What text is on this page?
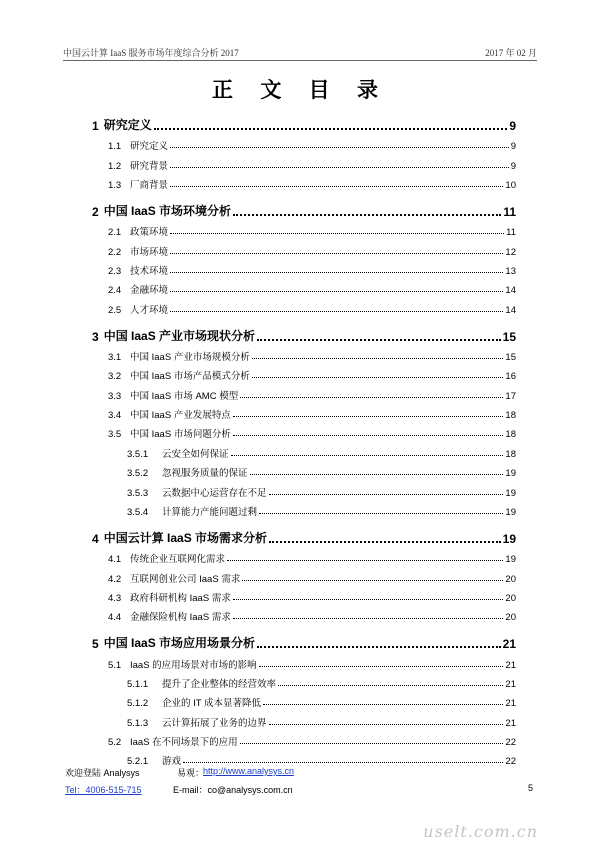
中国云计算 IaaS 服务市场年度综合分析 2017	2017 年 02 月
正 文 目 录
1 研究定义	9
1.1 研究定义	9
1.2 研究背景	9
1.3 厂商背景	10
2 中国 IaaS 市场环境分析	11
2.1 政策环境	11
2.2 市场环境	12
2.3 技术环境	13
2.4 金融环境	14
2.5 人才环境	14
3 中国 IaaS 产业市场现状分析	15
3.1 中国 IaaS 产业市场规模分析	15
3.2 中国 IaaS 市场产品模式分析	16
3.3 中国 IaaS 市场 AMC 模型	17
3.4 中国 IaaS 产业发展特点	18
3.5 中国 IaaS 市场问题分析	18
3.5.1	云安全如何保证	18
3.5.2	忽视服务质量的保证	19
3.5.3	云数据中心运营存在不足	19
3.5.4	计算能力产能问题过剩	19
4 中国云计算 IaaS 市场需求分析	19
4.1 传统企业互联网化需求	19
4.2 互联网创业公司 IaaS 需求	20
4.3 政府科研机构 IaaS 需求	20
4.4 金融保险机构 IaaS 需求	20
5 中国 IaaS 市场应用场景分析	21
5.1 IaaS 的应用场景对市场的影响	21
5.1.1	提升了企业整体的经营效率	21
5.1.2	企业的 IT 成本显著降低	21
5.1.3	云计算拓展了业务的边界	21
5.2 IaaS 在不同场景下的应用	22
5.2.1	游戏	22
欢迎登陆 Analysys	易观：
http://www.analysys.cn
Tel：4006-515-715	E-mail：co@analysys.com.cn	5
uselt.com.cn
